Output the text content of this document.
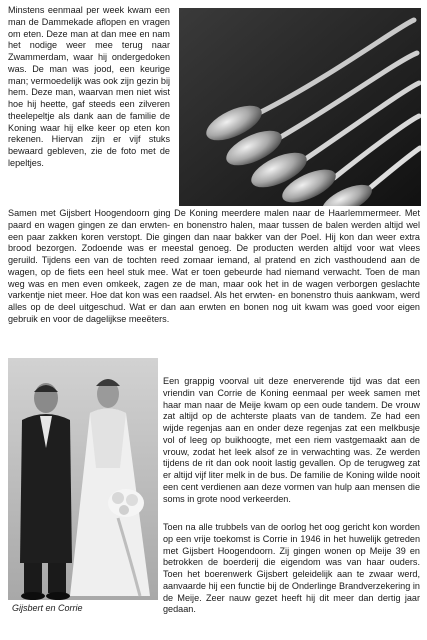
Minstens eenmaal per week kwam een man de Dammekade aflopen en vragen om eten. Deze man at dan mee en nam het nodige weer mee terug naar Zwammerdam, waar hij ondergedoken was. De man was jood, een keurige man; vermoedelijk was ook zijn gezin bij hem. Deze man, waarvan men niet wist hoe hij heette, gaf steeds een zilveren theelepeltje als dank aan de familie de Koning waar hij elke keer op eten kon rekenen. Hiervan zijn er vijf stuks bewaard gebleven, zie de foto met de lepeltjes.

Samen met Gijsbert Hoogendoorn ging De Koning meerdere malen naar de Haarlemmermeer. Met paard en wagen gingen ze dan erwten- en bonenstro halen, maar tussen de balen werden altijd wel een paar zakken koren verstopt. Die gingen dan naar bakker van der Poel. Hij kon dan weer extra brood bezorgen. Zodoende was er meestal genoeg. De producten werden altijd voor wat vlees geruild. Tijdens een van de tochten reed zomaar iemand, al pratend en zich vasthoudend aan de wagen, op de fiets een heel stuk mee. Wat er toen gebeurde had niemand verwacht. Toen de man weg was en men even omkeek, zagen ze de man, maar ook het in de wagen verborgen geslachte varkentje niet meer. Hoe dat kon was een raadsel. Als het erwten- en bonenstro thuis aankwam, werd alles op de deel uitgeschud. Wat er dan aan erwten en bonen nog uit kwam was goed voor eigen gebruik en voor de dagelijkse meeëters.

Een grappig voorval uit deze enerverende tijd was dat een vriendin van Corrie de Koning eenmaal per week samen met haar man naar de Meije kwam op een oude tandem. De vrouw zat altijd op de achterste plaats van de tandem. Ze had een wijde regenjas aan en onder deze regenjas zat een melkbusje vol of leeg op buikhoogte, met een riem vastgemaakt aan de vrouw, zodat het leek alsof ze in verwachting was. Ze werden tijdens de rit dan ook nooit lastig gevallen. Op de terugweg zat er altijd vijf liter melk in de bus. De familie de Koning wilde nooit een cent verdienen aan deze vormen van hulp aan mensen die soms in grote nood verkeerden.

Toen na alle trubbels van de oorlog het oog gericht kon worden op een vrije toekomst is Corrie in 1946 in het huwelijk getreden met Gijsbert Hoogendoorn. Zij gingen wonen op Meije 39 en betrokken de boerderij die eigendom was van haar ouders. Toen het boerenwerk Gijsbert geleidelijk aan te zwaar werd, aanvaarde hij een functie bij de Onderlinge Brandverzekering in de Meije. Zeer nauw gezet heeft hij dit meer dan dertig jaar gedaan.

Gijsbert en Corrie
